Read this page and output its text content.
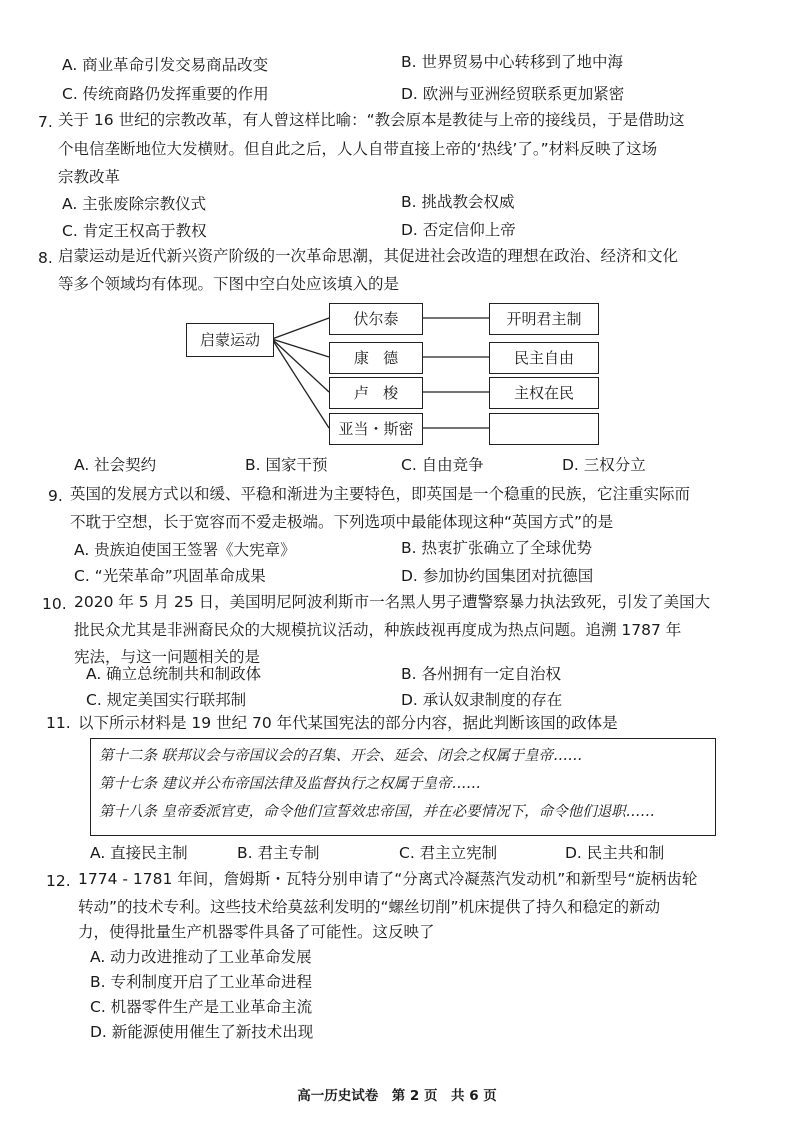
A. 商业革命引发交易商品改变	B. 世界贸易中心转移到了地中海
C. 传统商路仍发挥重要的作用	D. 欧洲与亚洲经贸联系更加紧密
7. 关于 16 世纪的宗教改革，有人曾这样比喻：“教会原本是教徒与上帝的接线员，于是借助这
个电信垄断地位大发横财。但自此之后，人人自带直接上帝的‘热线’了。”材料反映了这场
宗教改革
A. 主张废除宗教仪式	B. 挑战教会权威
C. 肯定王权高于教权	D. 否定信仰上帝
8. 启蒙运动是近代新兴资产阶级的一次革命思潮，其促进社会改造的理想在政治、经济和文化
等多个领域均有体现。下图中空白处应该填入的是
启蒙运动
伏尔泰
康   德
卢   梭
亚当・斯密
开明君主制
民主自由
主权在民
A. 社会契约	B. 国家干预	C. 自由竞争	D. 三权分立
9. 英国的发展方式以和缓、平稳和渐进为主要特色，即英国是一个稳重的民族，它注重实际而
不耽于空想，长于宽容而不爱走极端。下列选项中最能体现这种“英国方式”的是
A. 贵族迫使国王签署《大宪章》	B. 热衷扩张确立了全球优势
C. “光荣革命”巩固革命成果	D. 参加协约国集团对抗德国
10. 2020 年 5 月 25 日，美国明尼阿波利斯市一名黑人男子遭警察暴力执法致死，引发了美国大
批民众尤其是非洲裔民众的大规模抗议活动，种族歧视再度成为热点问题。追溯 1787 年
宪法，与这一问题相关的是
A. 确立总统制共和制政体	B. 各州拥有一定自治权
C. 规定美国实行联邦制	D. 承认奴隶制度的存在
11. 以下所示材料是 19 世纪 70 年代某国宪法的部分内容，据此判断该国的政体是
第十二条 联邦议会与帝国议会的召集、开会、延会、闭会之权属于皇帝……
第十七条 建议并公布帝国法律及监督执行之权属于皇帝……
第十八条 皇帝委派官吏，命令他们宣誓效忠帝国，并在必要情况下，命令他们退职……
A. 直接民主制	B. 君主专制	C. 君主立宪制	D. 民主共和制
12. 1774 - 1781 年间，詹姆斯・瓦特分别申请了“分离式冷凝蒸汽发动机”和新型号“旋柄齿轮
转动”的技术专利。这些技术给莫兹利发明的“螺丝切削”机床提供了持久和稳定的新动
力，使得批量生产机器零件具备了可能性。这反映了
A. 动力改进推动了工业革命发展
B. 专利制度开启了工业革命进程
C. 机器零件生产是工业革命主流
D. 新能源使用催生了新技术出现
高一历史试卷　第 2 页　共 6 页
